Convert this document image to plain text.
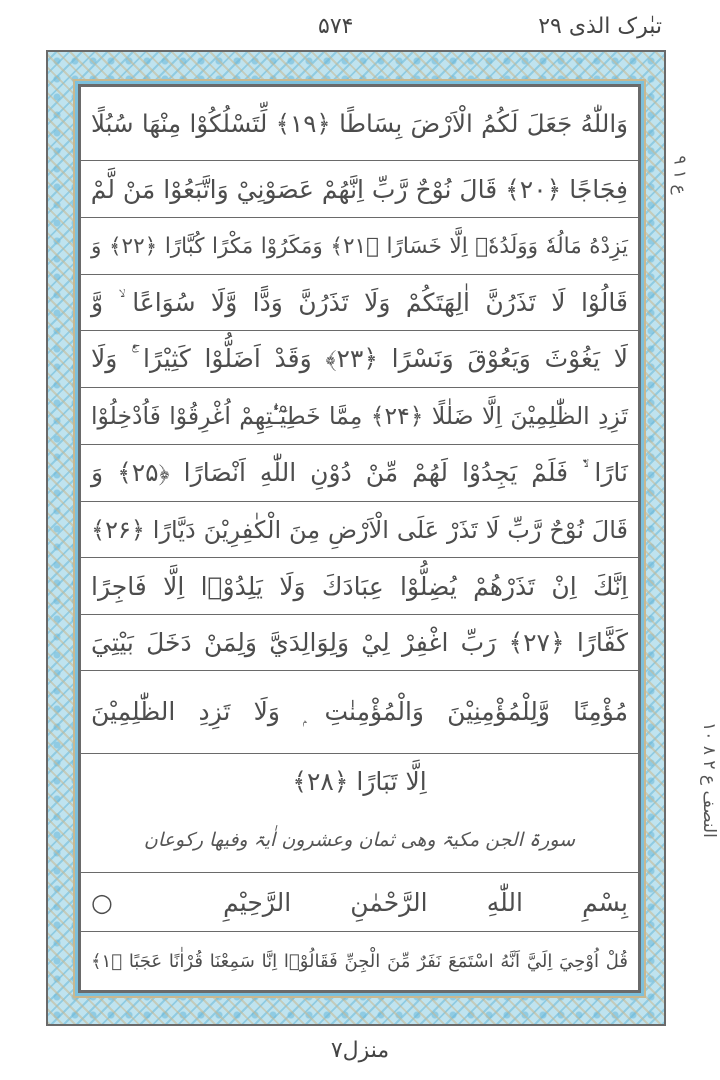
تبٰرک الذی ۲۹
۵۷۴
وَاللّٰهُ جَعَلَ لَكُمُ الْاَرْضَ بِسَاطًا ﴿۱۹﴾ لِّتَسْلُكُوْا مِنْهَا سُبُلًا
فِجَاجًا ﴿۲۰﴾ قَالَ نُوْحٌ رَّبِّ اِنَّهُمْ عَصَوْنِيْ وَاتَّبَعُوْا مَنْ لَّمْ
يَزِدْهُ مَالُهٗ وَوَلَدُهٗۤ اِلَّا خَسَارًا ﴿۲۱﴾ وَمَكَرُوْا مَكْرًا كُبَّارًا ﴿۲۲﴾ وَ
قَالُوْا لَا تَذَرُنَّ اٰلِهَتَكُمْ وَلَا تَذَرُنَّ وَدًّا وَّلَا سُوَاعًا ۙ وَّ
لَا يَغُوْثَ وَيَعُوْقَ وَنَسْرًا ﴿۲۳﴾ وَقَدْ اَضَلُّوْا كَثِيْرًا ۚ۬ وَلَا
تَزِدِ الظّٰلِمِيْنَ اِلَّا ضَلٰلًا ﴿۲۴﴾ مِمَّا خَطِيْٓـٰٔتِهِمْ اُغْرِقُوْا فَاُدْخِلُوْا
نَارًا ۙ۬ فَلَمْ يَجِدُوْا لَهُمْ مِّنْ دُوْنِ اللّٰهِ اَنْصَارًا ﴿۲۵﴾ وَ
قَالَ نُوْحٌ رَّبِّ لَا تَذَرْ عَلَى الْاَرْضِ مِنَ الْكٰفِرِيْنَ دَيَّارًا ﴿۲۶﴾
اِنَّكَ اِنْ تَذَرْهُمْ يُضِلُّوْا عِبَادَكَ وَلَا يَلِدُوْۤا اِلَّا فَاجِرًا
كَفَّارًا ﴿۲۷﴾ رَبِّ اغْفِرْ لِيْ وَلِوَالِدَيَّ وَلِمَنْ دَخَلَ بَيْتِيَ
مُؤْمِنًا وَّلِلْمُؤْمِنِيْنَ وَالْمُؤْمِنٰتِ ۭ وَلَا تَزِدِ الظّٰلِمِيْنَ
اِلَّا تَبَارًا ﴿۲۸﴾
سورۃ الجن مکیۃ وھی ثمان وعشرون اٰیۃ وفیھا رکوعان
بِسْمِ اللّٰهِ الرَّحْمٰنِ الرَّحِيْمِ ○
قُلْ اُوْحِيَ اِلَيَّ اَنَّهُ اسْتَمَعَ نَفَرٌ مِّنَ الْجِنِّ فَقَالُوْۤا اِنَّا سَمِعْنَا قُرْاٰنًا عَجَبًا ﴿۱﴾
ع ۱ ۹
النصف ع ۲ ۸ ۱۰
منزل۷
